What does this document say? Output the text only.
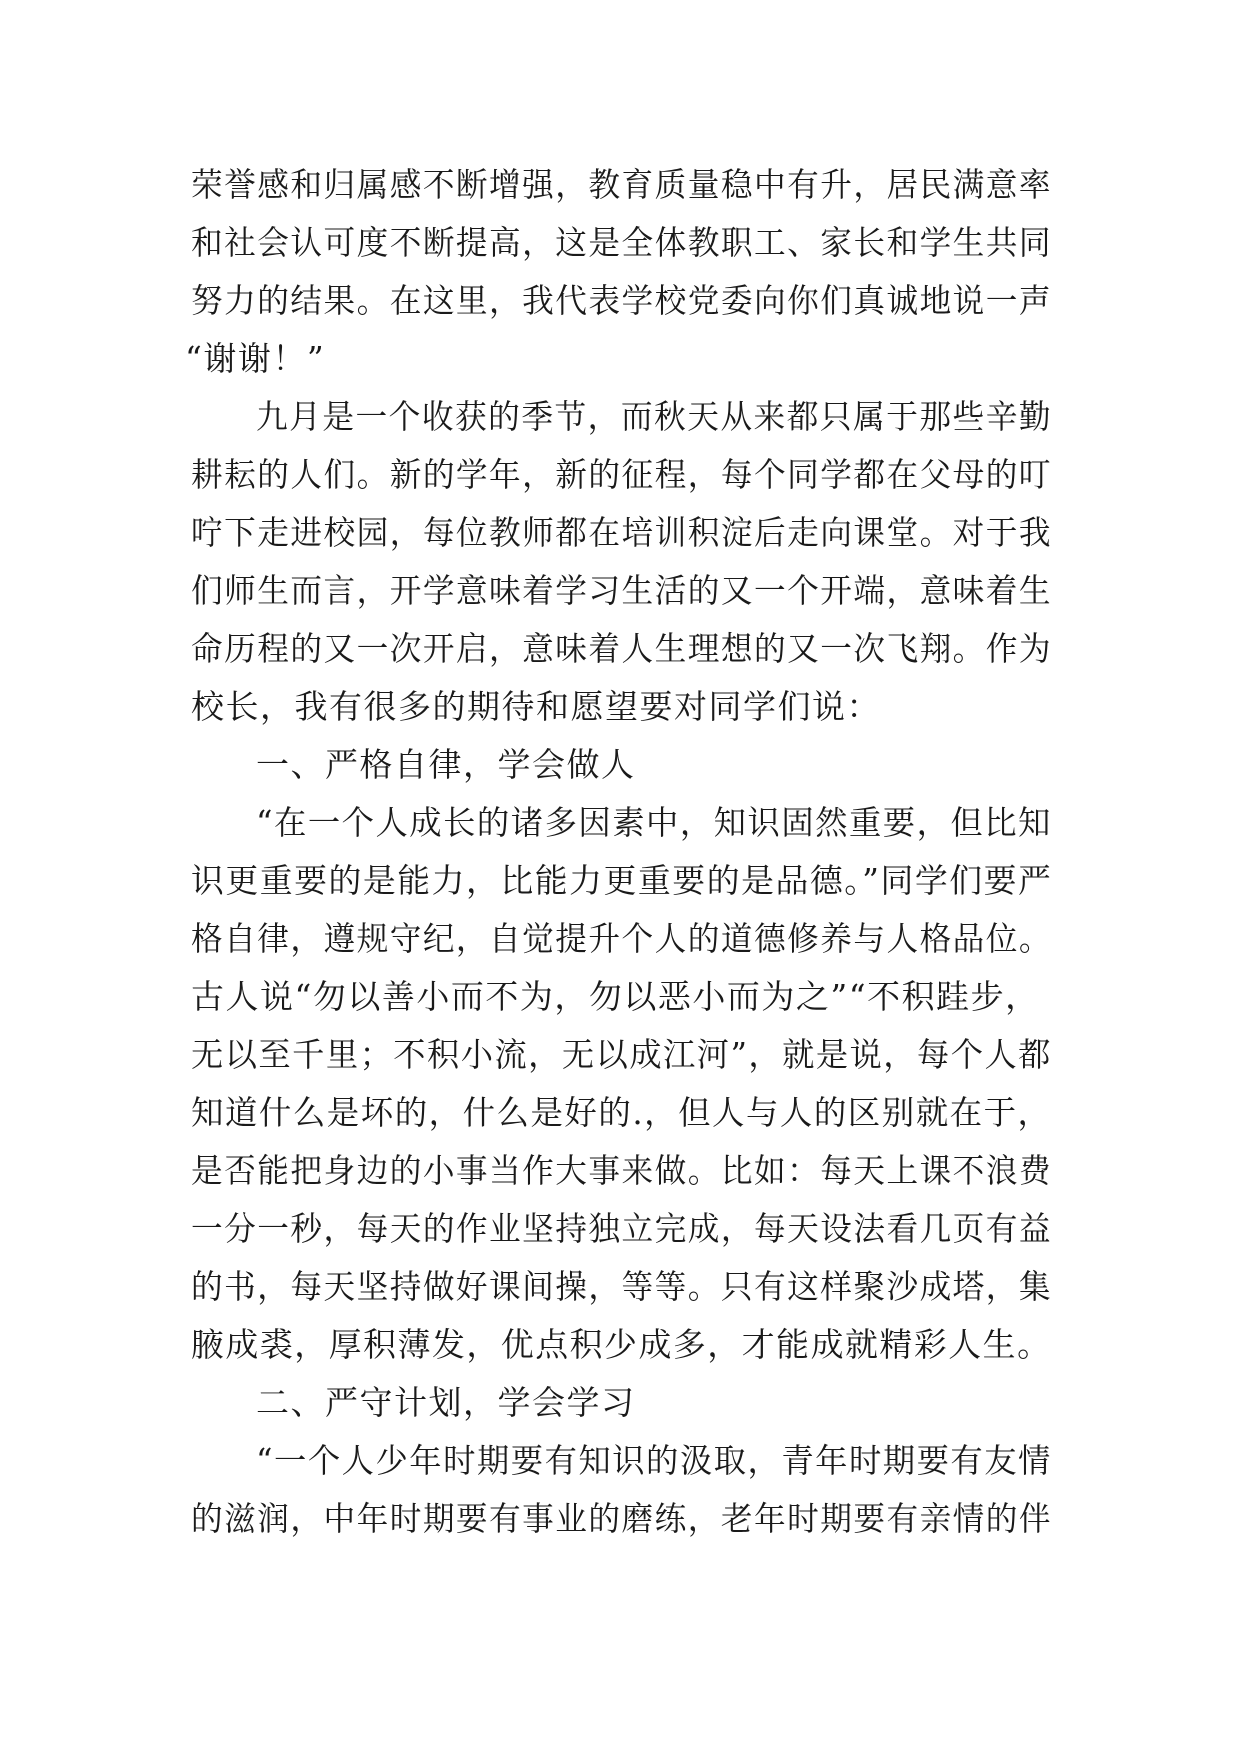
荣誉感和归属感不断增强，教育质量稳中有升，居民满意率
和社会认可度不断提高，这是全体教职工、家长和学生共同
努力的结果。在这里，我代表学校党委向你们真诚地说一声
“谢谢！”
九月是一个收获的季节，而秋天从来都只属于那些辛勤
耕耘的人们。新的学年，新的征程，每个同学都在父母的叮
咛下走进校园，每位教师都在培训积淀后走向课堂。对于我
们师生而言，开学意味着学习生活的又一个开端，意味着生
命历程的又一次开启，意味着人生理想的又一次飞翔。作为
校长，我有很多的期待和愿望要对同学们说：
一、严格自律，学会做人
“在一个人成长的诸多因素中，知识固然重要，但比知
识更重要的是能力，比能力更重要的是品德。”同学们要严
格自律，遵规守纪，自觉提升个人的道德修养与人格品位。
古人说“勿以善小而不为，勿以恶小而为之”“不积跬步，
无以至千里；不积小流，无以成江河”，就是说，每个人都
知道什么是坏的，什么是好的.，但人与人的区别就在于，
是否能把身边的小事当作大事来做。比如：每天上课不浪费
一分一秒，每天的作业坚持独立完成，每天设法看几页有益
的书，每天坚持做好课间操，等等。只有这样聚沙成塔，集
腋成裘，厚积薄发，优点积少成多，才能成就精彩人生。
二、严守计划，学会学习
“一个人少年时期要有知识的汲取，青年时期要有友情
的滋润，中年时期要有事业的磨练，老年时期要有亲情的伴
